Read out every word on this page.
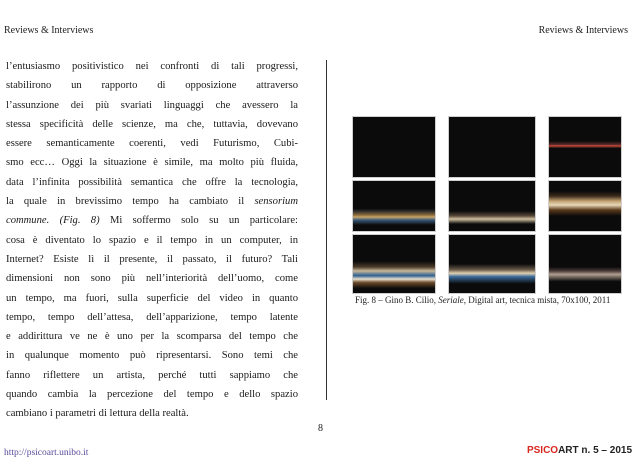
Reviews & Interviews	Reviews & Interviews
l’entusiasmo positivistico nei confronti di tali progressi,
stabilirono un rapporto di opposizione attraverso
l’assunzione dei più svariati linguaggi che avessero la
stessa specificità delle scienze, ma che, tuttavia, dovevano
essere semanticamente coerenti, vedi Futurismo, Cubi-
smo ecc… Oggi la situazione è simile, ma molto più fluida,
data l’infinita possibilità semantica che offre la tecnologia,
la quale in brevissimo tempo ha cambiato il sensorium
commune. (Fig. 8) Mi soffermo solo su un particolare:
cosa è diventato lo spazio e il tempo in un computer, in
Internet? Esiste lì il presente, il passato, il futuro? Tali
dimensioni non sono più nell’interiorità dell’uomo, come
un tempo, ma fuori, sulla superficie del video in quanto
tempo, tempo dell’attesa, dell’apparizione, tempo latente
e addirittura ve ne è uno per la scomparsa del tempo che
in qualunque momento può ripresentarsi. Sono temi che
fanno riflettere un artista, perché tutti sappiamo che
quando cambia la percezione del tempo e dello spazio
cambiano i parametri di lettura della realtà.
Fig. 8 – Gino B. Cilio, Seriale, Digital art, tecnica mista, 70x100, 2011
8
http://psicoart.unibo.it	PSICOART n. 5 – 2015
